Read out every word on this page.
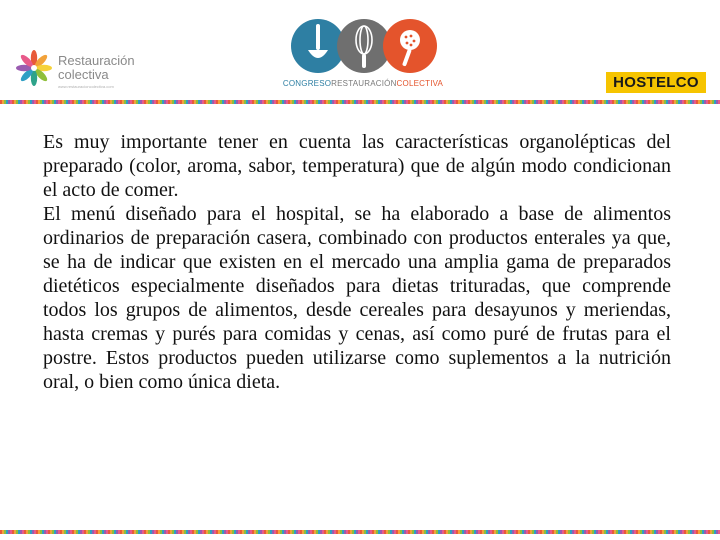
Restauración
colectiva
www.restauracioncolectiva.com	CONGRESORESTAURACIÓNCOLECTIVA	HOSTELCO

Es muy importante tener en cuenta las características organolépticas del preparado (color, aroma, sabor, temperatura) que de algún modo condicionan el acto de comer.

El menú diseñado para el hospital, se ha elaborado a base de alimentos ordinarios de preparación casera, combinado con productos enterales ya que, se ha de indicar que existen en el mercado una amplia gama de preparados dietéticos especialmente diseñados para dietas trituradas, que comprende todos los grupos de alimentos, desde cereales para desayunos y meriendas, hasta cremas y purés para comidas y cenas, así como puré de frutas para el postre. Estos productos pueden utilizarse como suplementos a la nutrición oral, o bien como única dieta.
